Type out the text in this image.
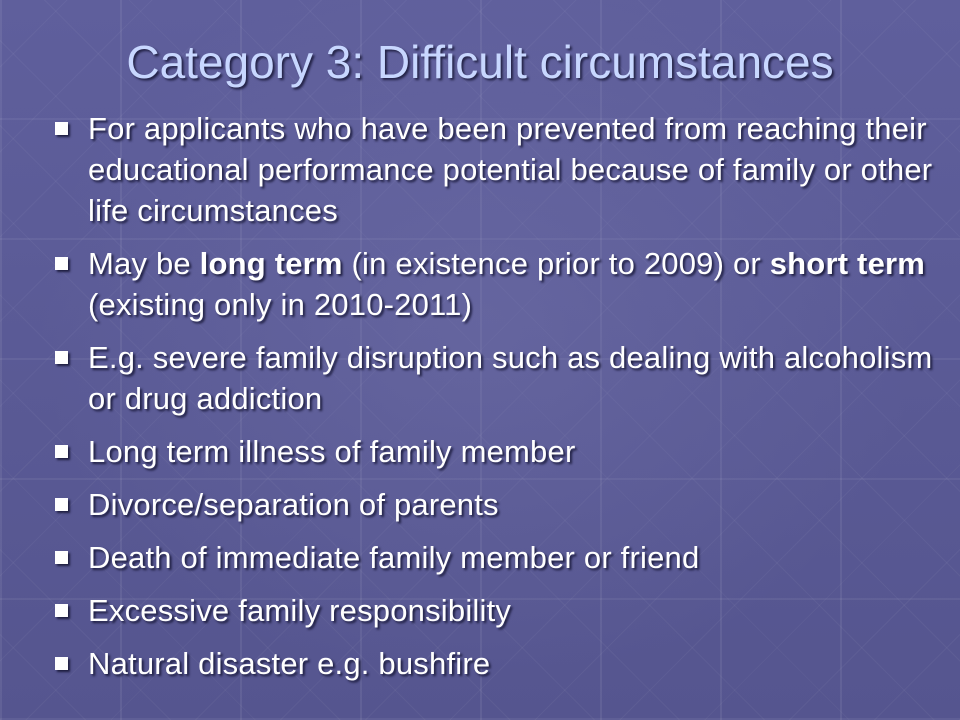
Category 3: Difficult circumstances
For applicants who have been prevented from reaching their educational performance potential because of family or other life circumstances
May be long term (in existence prior to 2009) or short term (existing only in 2010-2011)
E.g. severe family disruption such as dealing with alcoholism or drug addiction
Long term illness of family member
Divorce/separation of parents
Death of immediate family member or friend
Excessive family responsibility
Natural disaster e.g. bushfire
